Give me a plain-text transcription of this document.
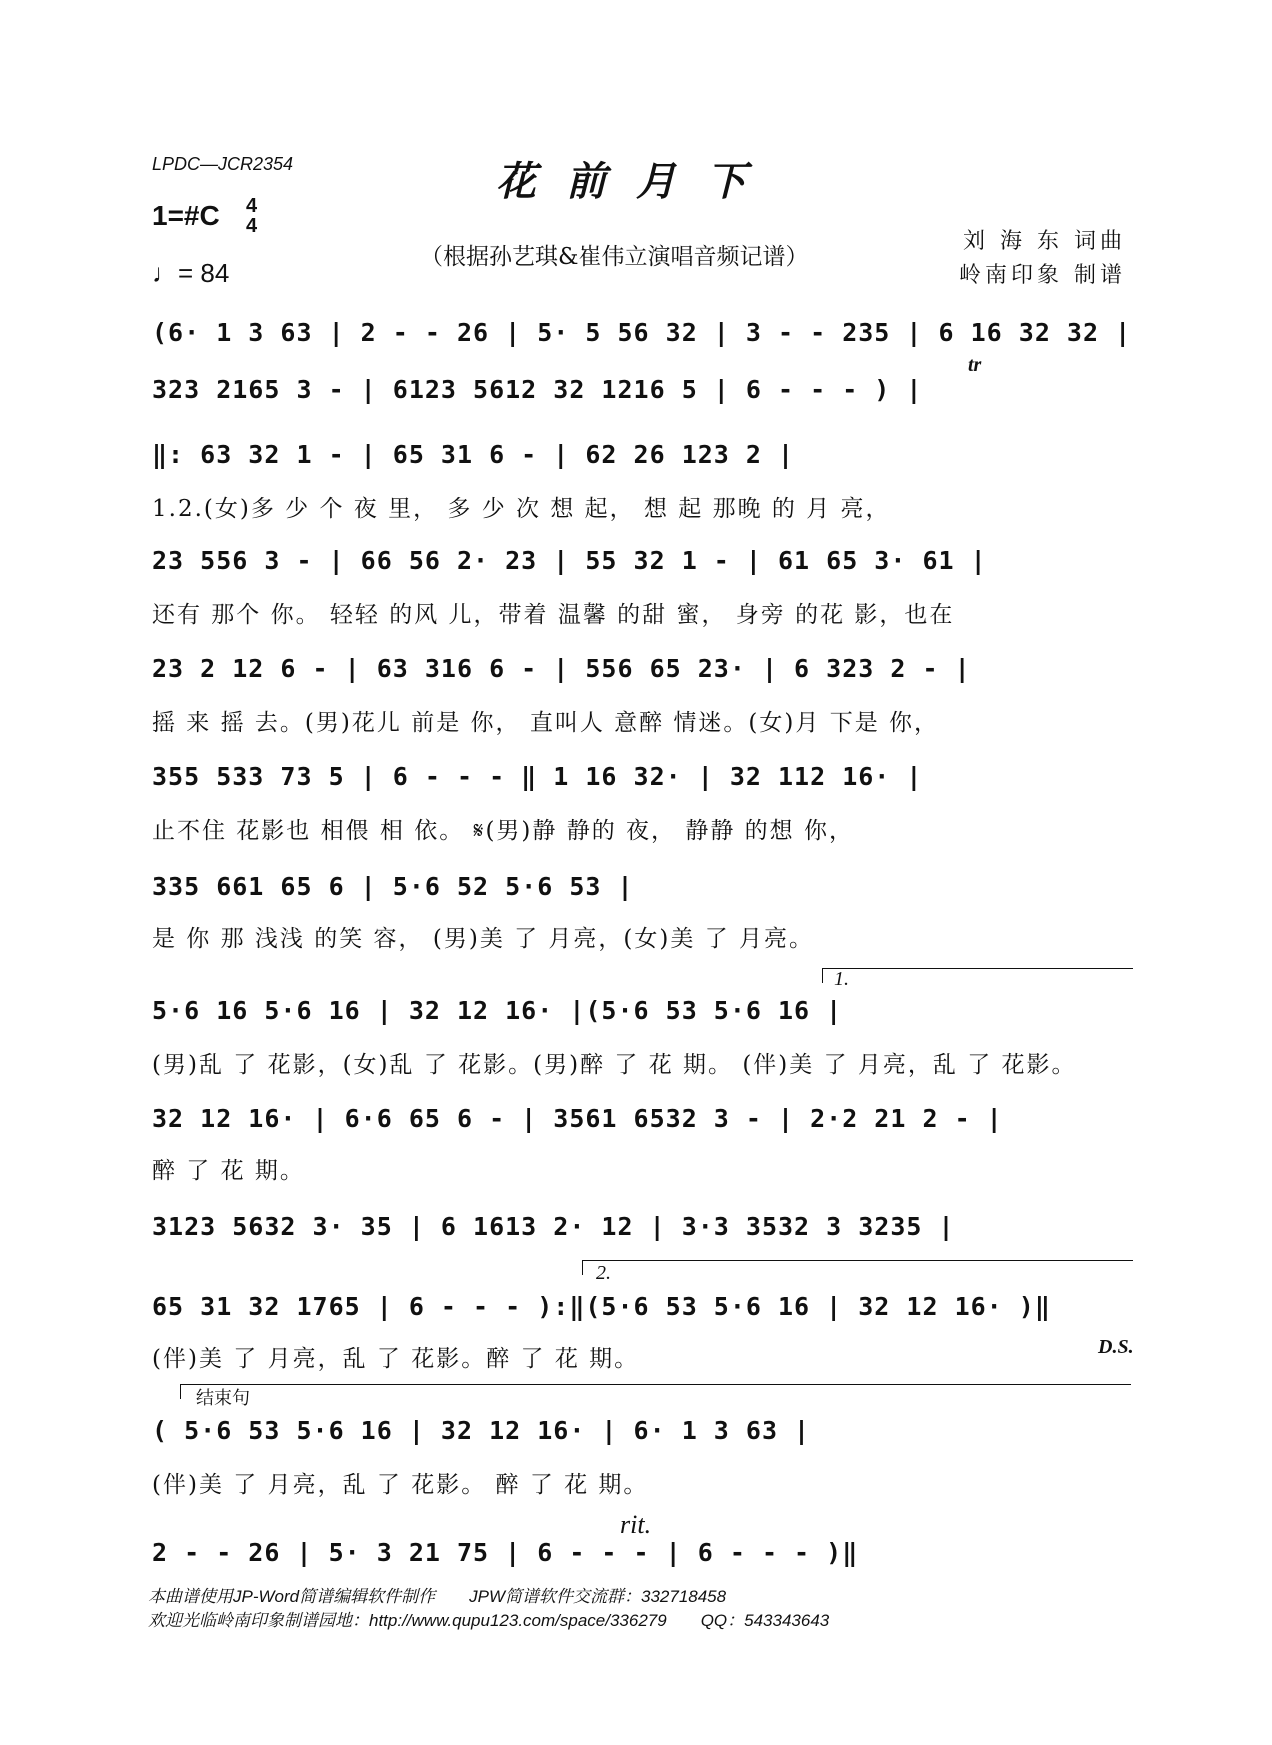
LPDC—JCR2354	花前月下
（根据孙艺琪&崔伟立演唱音频记谱）
刘 海 东 词曲
岭南印象 制谱
1=#C 4
4
♩= 84
(6· 1 3 63 | 2 - - 26 | 5· 5 56 32 | 3 - - 235 | 6 16 32 32 |
323 2165 3 - | 6123 5612 32 1216 5 | 6 - - - ) |
‖: 63 32 1 - | 65 31 6 - | 62 26 123 2 |
1.2.(女)多 少 个 夜 里， 多 少 次 想 起， 想 起 那晚 的 月 亮，
23 556 3 - | 66 56 2· 23 | 55 32 1 - | 61 65 3· 61 |
还有 那个 你。 轻轻 的风 儿，带着 温馨 的甜 蜜， 身旁 的花 影，也在
23 2 12 6 - | 63 316 6 - | 556 65 23· | 6 323 2 - |
摇 来 摇 去。(男)花儿 前是 你， 直叫人 意醉 情迷。(女)月 下是 你，
355 533 73 5 | 6 - - - ‖ 1 16 32· | 32 112 16· |
止不住 花影也 相偎 相 依。 𝄋(男)静 静的 夜， 静静 的想 你，
335 661 65 6 | 5·6 52 5·6 53 |
是 你 那 浅浅 的笑 容， (男)美 了 月亮，(女)美 了 月亮。
5·6 16 5·6 16 | 32 12 16· |(5·6 53 5·6 16 |
(男)乱 了 花影，(女)乱 了 花影。(男)醉 了 花 期。 (伴)美 了 月亮，乱 了 花影。
32 12 16· | 6·6 65 6 - | 3561 6532 3 - | 2·2 21 2 - |
醉 了 花 期。
3123 5632 3· 35 | 6 1613 2· 12 | 3·3 3532 3 3235 |
65 31 32 1765 | 6 - - - ):‖(5·6 53 5·6 16 | 32 12 16· )‖
(伴)美 了 月亮，乱 了 花影。醉 了 花 期。
( 5·6 53 5·6 16 | 32 12 16· | 6· 1 3 63 |
(伴)美 了 月亮，乱 了 花影。 醉 了 花 期。
2 - - 26 | 5· 3 21 75 | 6 - - - | 6 - - - )‖
1.
2.
结束句
tr
rit.
D.S.
本曲谱使用JP-Word简谱编辑软件制作　　JPW简谱软件交流群：332718458
欢迎光临岭南印象制谱园地：http://www.qupu123.com/space/336279　　QQ：543343643
